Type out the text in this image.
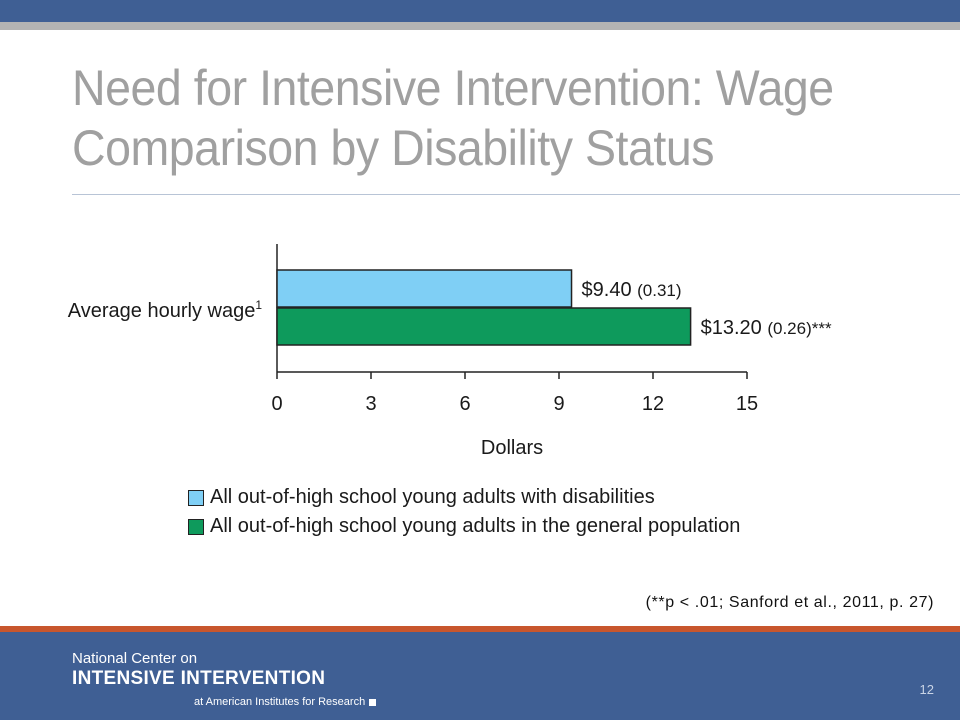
Need for Intensive Intervention: Wage
Comparison by Disability Status
0	3	6	9	12	15
Dollars
$9.40 (0.31)
$13.20 (0.26)***
Average hourly wage$^1$
All out-of-high school young adults with disabilities
All out-of-high school young adults in the general population
(**p < .01; Sanford et al., 2011, p. 27)
National Center on
INTENSIVE INTERVENTION
at American Institutes for Research
12
